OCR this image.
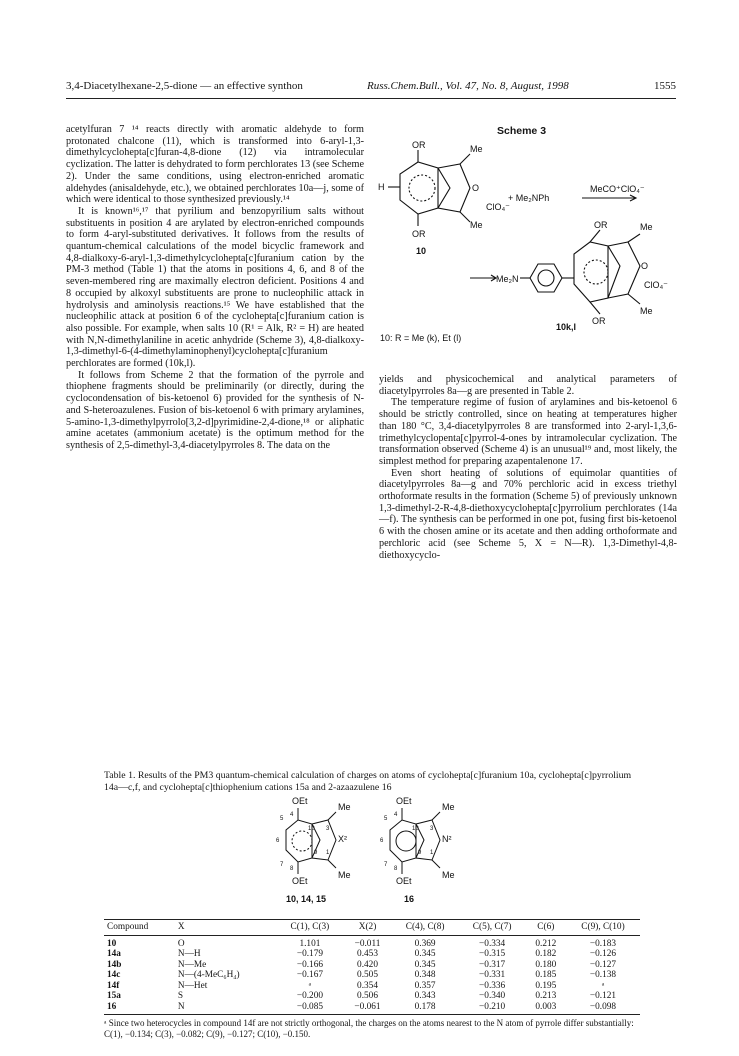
3,4-Diacetylhexane-2,5-dione — an effective synthon	Russ.Chem.Bull., Vol. 47, No. 8, August, 1998	1555

acetylfuran 7 ¹⁴ reacts directly with aromatic aldehyde to form protonated chalcone (11), which is transformed into 6-aryl-1,3-dimethylcyclohepta[c]furan-4,8-dione (12) via intramolecular cyclization. The latter is dehydrated to form perchlorates 13 (see Scheme 2). Under the same conditions, using electron-enriched aromatic aldehydes (anisaldehyde, etc.), we obtained perchlorates 10a—j, some of which were identical to those synthesized previously.¹⁴

It is known¹⁶,¹⁷ that pyrilium and benzopyrilium salts without substituents in position 4 are arylated by electron-enriched compounds to form 4-aryl-substituted derivatives. It follows from the results of quantum-chemical calculations of the model bicyclic framework and 4,8-dialkoxy-6-aryl-1,3-dimethylcyclohepta[c]furanium cation by the PM-3 method (Table 1) that the atoms in positions 4, 6, and 8 of the seven-membered ring are maximally electron deficient. Positions 4 and 8 occupied by alkoxyl substituents are prone to nucleophilic attack in hydrolysis and aminolysis reactions.¹⁵ We have established that the nucleophilic attack at position 6 of the cyclohepta[c]furanium cation is also possible. For example, when salts 10 (R¹ = Alk, R² = H) are heated with N,N-dimethylaniline in acetic anhydride (Scheme 3), 4,8-dialkoxy-1,3-dimethyl-6-(4-dimethylaminophenyl)cyclohepta[c]furanium perchlorates are formed (10k,l).

It follows from Scheme 2 that the formation of the pyrrole and thiophene fragments should be preliminarily (or directly, during the cyclocondensation of bis-ketoenol 6) provided for the synthesis of N- and S-heteroazulenes. Fusion of bis-ketoenol 6 with primary arylamines, 5-amino-1,3-dimethylpyrrolo[3,2-d]pyrimidine-2,4-dione,¹⁸ or aliphatic amine acetates (ammonium acetate) is the optimum method for the synthesis of 2,5-dimethyl-3,4-diacetylpyrroles 8. The data on the

Scheme 3
OR	Me
H	O
ClO₄⁻
OR
Me
10
+ Me₂NPh
MeCO⁺ClO₄⁻
Me₂N
OR	Me
O
ClO₄⁻
OR
Me
10k,l
10: R = Me (k), Et (l)

yields and physicochemical and analytical parameters of diacetylpyrroles 8a—g are presented in Table 2.

The temperature regime of fusion of arylamines and bis-ketoenol 6 should be strictly controlled, since on heating at temperatures higher than 180 °C, 3,4-diacetylpyrroles 8 are transformed into 2-aryl-1,3,6-trimethylcyclopenta[c]pyrrol-4-ones by intramolecular cyclization. The transformation observed (Scheme 4) is an unusual¹⁹ and, most likely, the simplest method for preparing azapentalenone 17.

Even short heating of solutions of equimolar quantities of diacetylpyrroles 8a—g and 70% perchloric acid in excess triethyl orthoformate results in the formation (Scheme 5) of previously unknown 1,3-dimethyl-2-R-4,8-diethoxycyclohepta[c]pyrrolium perchlorates (14a—f). The synthesis can be performed in one pot, fusing first bis-ketoenol 6 with the chosen amine or its acetate and then adding orthoformate and perchloric acid (see Scheme 5, X = N—R). 1,3-Dimethyl-4,8-diethoxycyclo-

Table 1. Results of the PM3 quantum-chemical calculation of charges on atoms of cyclohepta[c]furanium 10a, cyclohepta[c]pyrrolium 14a—c,f, and cyclohepta[c]thiophenium cations 15a and 2-azaazulene 16
OEt
Me
X²
OEt
Me
5
4
6
7
8
10
9
3
1
OEt
Me
N²
OEt
Me
5
4
6
7
8
10
9
3
1
10, 14, 15	16
Compound	X	C(1), C(3)	X(2)	C(4), C(8)	C(5), C(7)	C(6)	C(9), C(10)
10	O	1.101	−0.011	0.369	−0.334	0.212	−0.183
14a	N—H	−0.179	0.453	0.345	−0.315	0.182	−0.126
14b	N—Me	−0.166	0.420	0.345	−0.317	0.180	−0.127
14c	N—(4-MeC₆H₄)	−0.167	0.505	0.348	−0.331	0.185	−0.138
14f	N—Het	ᵃ	0.354	0.357	−0.336	0.195	ᵃ
15a	S	−0.200	0.506	0.343	−0.340	0.213	−0.121
16	N	−0.085	−0.061	0.178	−0.210	0.003	−0.098
ᵃ Since two heterocycles in compound 14f are not strictly orthogonal, the charges on the atoms nearest to the N atom of pyrrole differ substantially: C(1), −0.134; C(3), −0.082; C(9), −0.127; C(10), −0.150.
